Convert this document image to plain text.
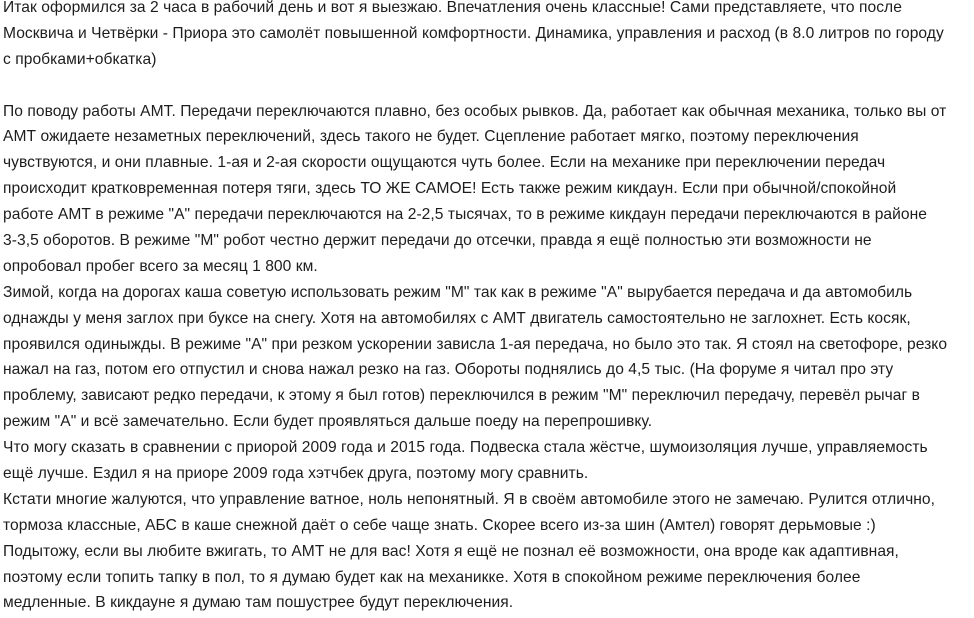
Итак оформился за 2 часа в рабочий день и вот я выезжаю. Впечатления очень классные! Сами представляете, что после
Москвича и Четвёрки - Приора это самолёт повышенной комфортности. Динамика, управления и расход (в 8.0 литров по городу
с пробками+обкатка)
По поводу работы АМТ. Передачи переключаются плавно, без особых рывков. Да, работает как обычная механика, только вы от
АМТ ожидаете незаметных переключений, здесь такого не будет. Сцепление работает мягко, поэтому переключения
чувствуются, и они плавные. 1-ая и 2-ая скорости ощущаются чуть более. Если на механике при переключении передач
происходит кратковременная потеря тяги, здесь ТО ЖЕ САМОЕ! Есть также режим кикдаун. Если при обычной/спокойной
работе АМТ в режиме "А" передачи переключаются на 2-2,5 тысячах, то в режиме кикдаун передачи переключаются в районе
3-3,5 оборотов. В режиме "М" робот честно держит передачи до отсечки, правда я ещё полностью эти возможности не
опробовал пробег всего за месяц 1 800 км.
Зимой, когда на дорогах каша советую использовать режим "М" так как в режиме "А" вырубается передача и да автомобиль
однажды у меня заглох при буксе на снегу. Хотя на автомобилях с АМТ двигатель самостоятельно не заглохнет. Есть косяк,
проявился одиныжды. В режиме "А" при резком ускорении зависла 1-ая передача, но было это так. Я стоял на светофоре, резко
нажал на газ, потом его отпустил и снова нажал резко на газ. Обороты поднялись до 4,5 тыс. (На форуме я читал про эту
проблему, зависают редко передачи, к этому я был готов) переключился в режим "М" переключил передачу, перевёл рычаг в
режим "А" и всё замечательно. Если будет проявляться дальше поеду на перепрошивку.
Что могу сказать в сравнении с приорой 2009 года и 2015 года. Подвеска стала жёстче, шумоизоляция лучше, управляемость
ещё лучше. Ездил я на приоре 2009 года хэтчбек друга, поэтому могу сравнить.
Кстати многие жалуются, что управление ватное, ноль непонятный. Я в своём автомобиле этого не замечаю. Рулится отлично,
тормоза классные, АБС в каше снежной даёт о себе чаще знать. Скорее всего из-за шин (Амтел) говорят дерьмовые :)
Подытожу, если вы любите вжигать, то АМТ не для вас! Хотя я ещё не познал её возможности, она вроде как адаптивная,
поэтому если топить тапку в пол, то я думаю будет как на механикке. Хотя в спокойном режиме переключения более
медленные. В кикдауне я думаю там пошустрее будут переключения.
